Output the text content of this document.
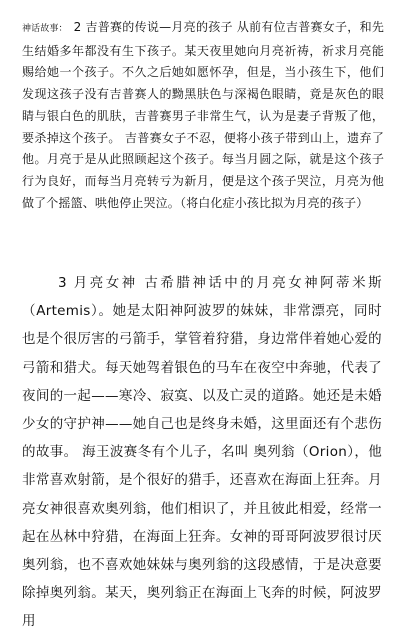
神话故事： 2 吉普赛的传说—月亮的孩子 从前有位吉普赛女子，和先生结婚多年都没有生下孩子。某天夜里她向月亮祈祷，祈求月亮能赐给她一个孩子。不久之后她如愿怀孕，但是，当小孩生下，他们发现这孩子没有吉普赛人的黝黑肤色与深褐色眼睛，竟是灰色的眼睛与银白色的肌肤，吉普赛男子非常生气，认为是妻子背叛了他，要杀掉这个孩子。 吉普赛女子不忍，便将小孩子带到山上，遗弃了他。月亮于是从此照顾起这个孩子。每当月圆之际，就是这个孩子行为良好，而每当月亮转亏为新月，便是这个孩子哭泣，月亮为他做了个摇篮、哄他停止哭泣。（将白化症小孩比拟为月亮的孩子）

3 月亮女神 古希腊神话中的月亮女神阿蒂米斯（Artemis）。她是太阳神阿波罗的妹妹，非常漂亮，同时也是个很厉害的弓箭手，掌管着狩猎，身边常伴着她心爱的弓箭和猎犬。每天她驾着银色的马车在夜空中奔驰，代表了夜间的一起——寒冷、寂寞、以及亡灵的道路。她还是未婚少女的守护神——她自己也是终身未婚，这里面还有个悲伤的故事。 海王波赛冬有个儿子，名叫 奥列翁（Orion），他非常喜欢射箭，是个很好的猎手，还喜欢在海面上狂奔。月亮女神很喜欢奥列翁，他们相识了，并且彼此相爱，经常一起在丛林中狩猎，在海面上狂奔。女神的哥哥阿波罗很讨厌奥列翁，也不喜欢她妹妹与奥列翁的这段感情，于是决意要除掉奥列翁。某天，奥列翁正在海面上飞奔的时候，阿波罗用
